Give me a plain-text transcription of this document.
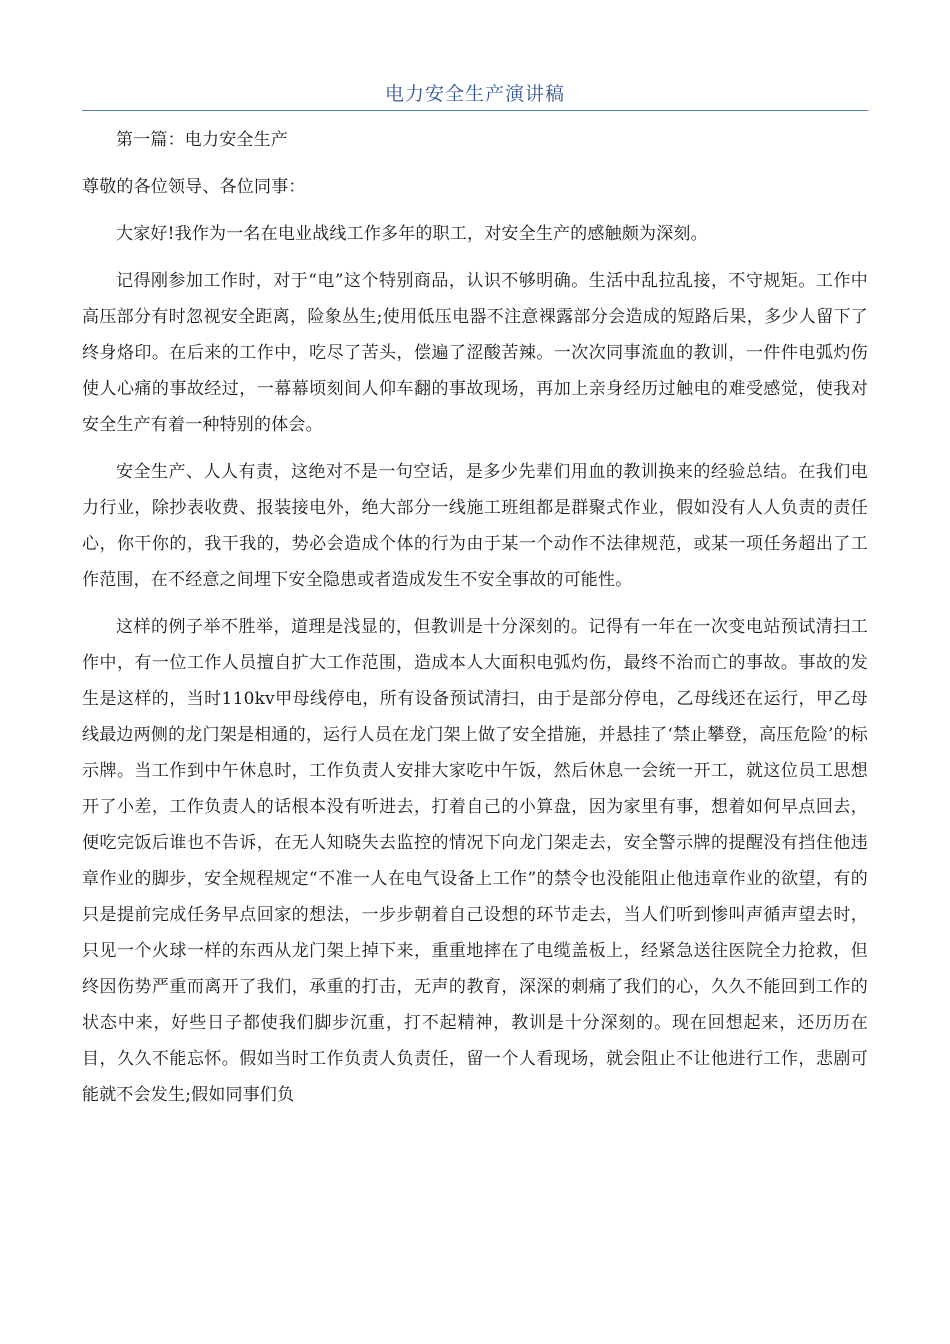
电力安全生产演讲稿

第一篇：电力安全生产

尊敬的各位领导、各位同事：

大家好!我作为一名在电业战线工作多年的职工，对安全生产的感触颇为深刻。

记得刚参加工作时，对于“电”这个特别商品，认识不够明确。生活中乱拉乱接，不守规矩。工作中高压部分有时忽视安全距离，险象丛生;使用低压电器不注意裸露部分会造成的短路后果，多少人留下了终身烙印。在后来的工作中，吃尽了苦头，偿遍了涩酸苦辣。一次次同事流血的教训，一件件电弧灼伤使人心痛的事故经过，一幕幕顷刻间人仰车翻的事故现场，再加上亲身经历过触电的难受感觉，使我对安全生产有着一种特别的体会。

安全生产、人人有责，这绝对不是一句空话，是多少先辈们用血的教训换来的经验总结。在我们电力行业，除抄表收费、报装接电外，绝大部分一线施工班组都是群聚式作业，假如没有人人负责的责任心，你干你的，我干我的，势必会造成个体的行为由于某一个动作不法律规范，或某一项任务超出了工作范围，在不经意之间埋下安全隐患或者造成发生不安全事故的可能性。

这样的例子举不胜举，道理是浅显的，但教训是十分深刻的。记得有一年在一次变电站预试清扫工作中，有一位工作人员擅自扩大工作范围，造成本人大面积电弧灼伤，最终不治而亡的事故。事故的发生是这样的，当时110kv甲母线停电，所有设备预试清扫，由于是部分停电，乙母线还在运行，甲乙母线最边两侧的龙门架是相通的，运行人员在龙门架上做了安全措施，并悬挂了‘禁止攀登，高压危险’的标示牌。当工作到中午休息时，工作负责人安排大家吃中午饭，然后休息一会统一开工，就这位员工思想开了小差，工作负责人的话根本没有听进去，打着自己的小算盘，因为家里有事，想着如何早点回去，便吃完饭后谁也不告诉，在无人知晓失去监控的情况下向龙门架走去，安全警示牌的提醒没有挡住他违章作业的脚步，安全规程规定“不准一人在电气设备上工作”的禁令也没能阻止他违章作业的欲望，有的只是提前完成任务早点回家的想法，一步步朝着自己设想的环节走去，当人们听到惨叫声循声望去时，只见一个火球一样的东西从龙门架上掉下来，重重地摔在了电缆盖板上，经紧急送往医院全力抢救，但终因伤势严重而离开了我们，承重的打击，无声的教育，深深的刺痛了我们的心，久久不能回到工作的状态中来，好些日子都使我们脚步沉重，打不起精神，教训是十分深刻的。现在回想起来，还历历在目，久久不能忘怀。假如当时工作负责人负责任，留一个人看现场，就会阻止不让他进行工作，悲剧可能就不会发生;假如同事们负
